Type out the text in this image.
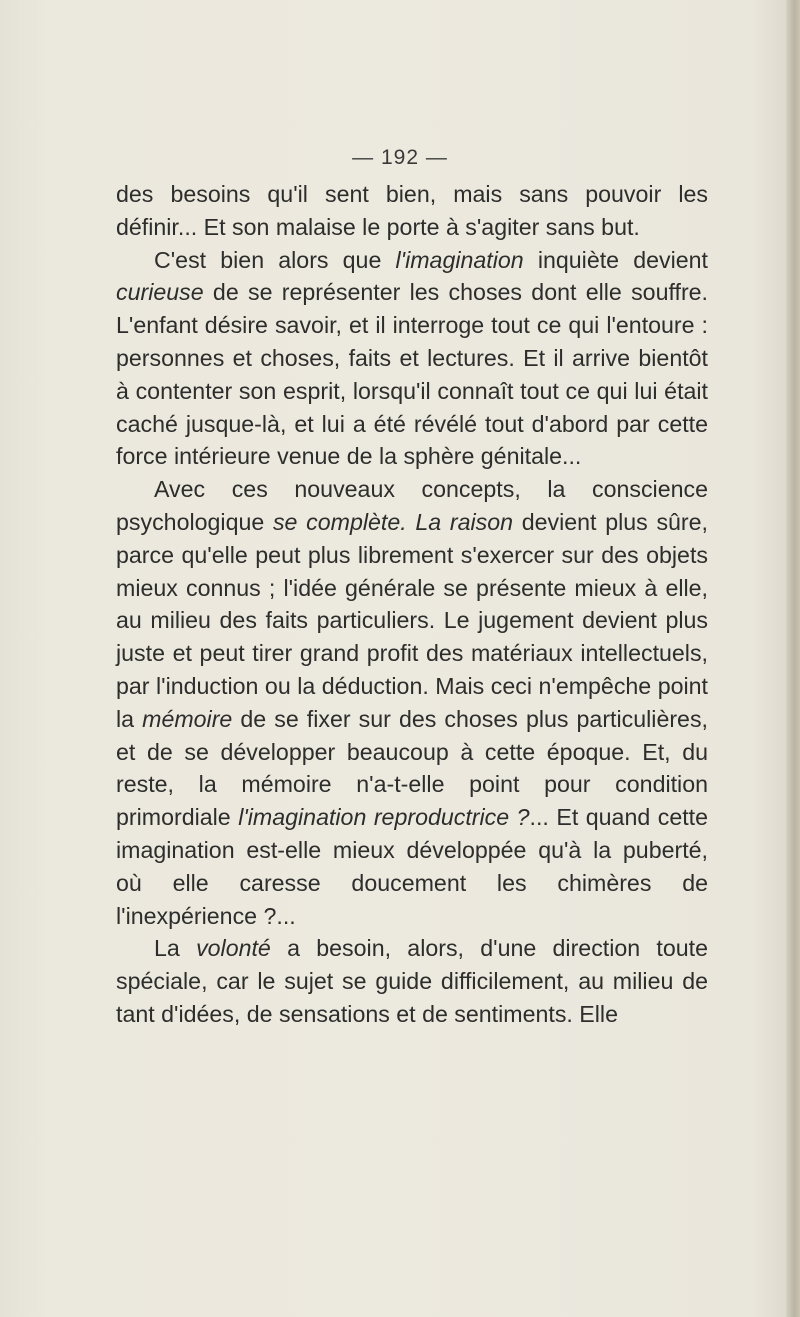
— 192 —

des besoins qu'il sent bien, mais sans pouvoir les définir... Et son malaise le porte à s'agiter sans but.

C'est bien alors que l'imagination inquiète devient curieuse de se représenter les choses dont elle souffre. L'enfant désire savoir, et il interroge tout ce qui l'entoure : personnes et choses, faits et lectures. Et il arrive bientôt à contenter son esprit, lorsqu'il connaît tout ce qui lui était caché jusque-là, et lui a été révélé tout d'abord par cette force intérieure venue de la sphère génitale...

Avec ces nouveaux concepts, la conscience psychologique se complète. La raison devient plus sûre, parce qu'elle peut plus librement s'exercer sur des objets mieux connus ; l'idée générale se présente mieux à elle, au milieu des faits particuliers. Le jugement devient plus juste et peut tirer grand profit des matériaux intellectuels, par l'induction ou la déduction. Mais ceci n'empêche point la mémoire de se fixer sur des choses plus particulières, et de se développer beaucoup à cette époque. Et, du reste, la mémoire n'a-t-elle point pour condition primordiale l'imagination reproductrice ?... Et quand cette imagination est-elle mieux développée qu'à la puberté, où elle caresse doucement les chimères de l'inexpérience ?...

La volonté a besoin, alors, d'une direction toute spéciale, car le sujet se guide difficilement, au milieu de tant d'idées, de sensations et de sentiments. Elle
